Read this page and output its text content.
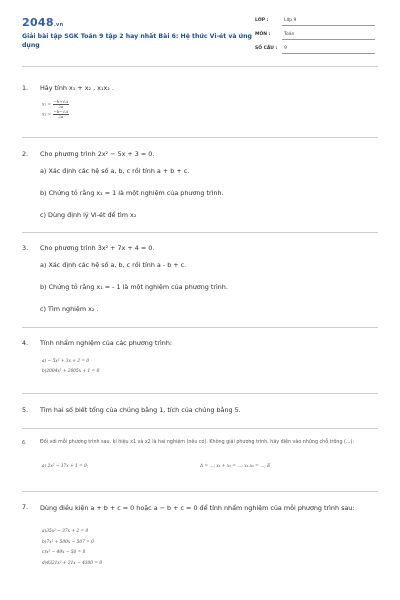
2048.vn
Giải bài tập SGK Toán 9 tập 2 hay nhất Bài 6: Hệ thức Vi-ét và ứng dụng
LỚP :	Lớp 9
MÔN :	Toán
SỐ CÂU : 9
1. Hãy tính x₁ + x₂ , x₁x₂ .
$x_1 = \frac{-b+√\Delta}{2a}$
$x_2 = \frac{-b-√\Delta}{2a}$
2. Cho phương trình 2x² − 5x + 3 = 0.
a) Xác định các hệ số a, b, c rồi tính a + b + c.
b) Chứng tỏ rằng x₁ = 1 là một nghiệm của phương trình.
c) Dùng định lý Vi-ét để tìm x₂
3. Cho phương trình 3x² + 7x + 4 = 0.
a) Xác định các hệ số a, b, c rồi tính a - b + c.
b) Chứng tỏ rằng x₁ = - 1 là một nghiệm của phương trình.
c) Tìm nghiệm x₂ .
4. Tính nhẩm nghiệm của các phương trình:
a) − 5x² + 3x + 2 = 0
b)2004x² + 2005x + 1 = 0
5. Tìm hai số biết tổng của chúng bằng 1, tích của chúng bằng 5.
6.	Đối với mỗi phương trình sau, kí hiệu x1 và x2 là hai nghiệm (nếu có). Không giải phương trình, hãy điền vào những chỗ trống (...):
a) 2x² − 17x + 1 = 0;	Δ = ...; x₁ + x₂ = ...; x₁.x₂ = ...; E
7. Dùng điều kiện a + b + c = 0 hoặc a − b + c = 0 để tính nhẩm nghiệm của mỗi phương trình sau:
a)35x² − 37x + 2 = 0
b)7x² + 500x − 507 = 0
c)x² − 49x − 50 = 0
d)4321x² + 21x − 4300 = 0
